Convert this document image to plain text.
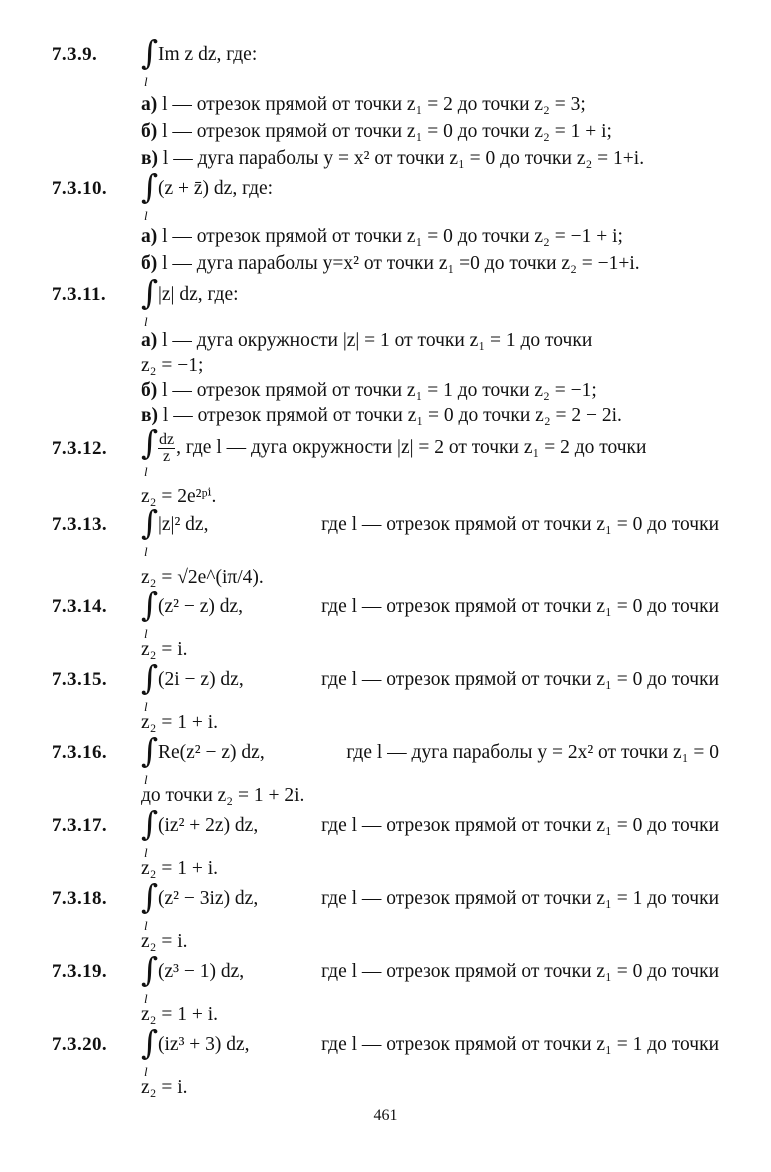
7.3.9. ∫
l
Im z dz, где:
а) l — отрезок прямой от точки z₁ = 2 до точки z₂ = 3;
б) l — отрезок прямой от точки z₁ = 0 до точки z₂ = 1 + i;
в) l — дуга параболы y = x² от точки z₁ = 0 до точки z₂ = 1+i.
7.3.10. ∫
l
(z + z̄) dz, где:
а) l — отрезок прямой от точки z₁ = 0 до точки z₂ = −1 + i;
б) l — дуга параболы y=x² от точки z₁ =0 до точки z₂ = −1+i.
7.3.11. ∫
l
|z| dz, где:
а) l — дуга окружности |z| = 1 от точки z₁ = 1 до точки
z₂ = −1;
б) l — отрезок прямой от точки z₁ = 1 до точки z₂ = −1;
в) l — отрезок прямой от точки z₁ = 0 до точки z₂ = 2 − 2i.
7.3.12. ∫
l
$\frac{dz}{z}$ , где l — дуга окружности |z| = 2 от точки z₁ = 2 до точки
z₂ = 2e²ᵖⁱ.
7.3.13. ∫
l
|z|² dz,	где l — отрезок прямой от точки z₁ = 0 до точки
z₂ = √2e^(iπ/4).
7.3.14. ∫
l
(z² − z) dz,	где l — отрезок прямой от точки z₁ = 0 до точки
z₂ = i.
7.3.15. ∫
l
(2i − z) dz,	где l — отрезок прямой от точки z₁ = 0 до точки
z₂ = 1 + i.
7.3.16. ∫
l
Re(z² − z) dz,	где l — дуга параболы y = 2x² от точки z₁ = 0
до точки z₂ = 1 + 2i.
7.3.17. ∫
l
(iz² + 2z) dz,	где l — отрезок прямой от точки z₁ = 0 до точки
z₂ = 1 + i.
7.3.18. ∫
l
(z² − 3iz) dz,	где l — отрезок прямой от точки z₁ = 1 до точки
z₂ = i.
7.3.19. ∫
l
(z³ − 1) dz,	где l — отрезок прямой от точки z₁ = 0 до точки
z₂ = 1 + i.
7.3.20. ∫
l
(iz³ + 3) dz,	где l — отрезок прямой от точки z₁ = 1 до точки
z₂ = i.
461
